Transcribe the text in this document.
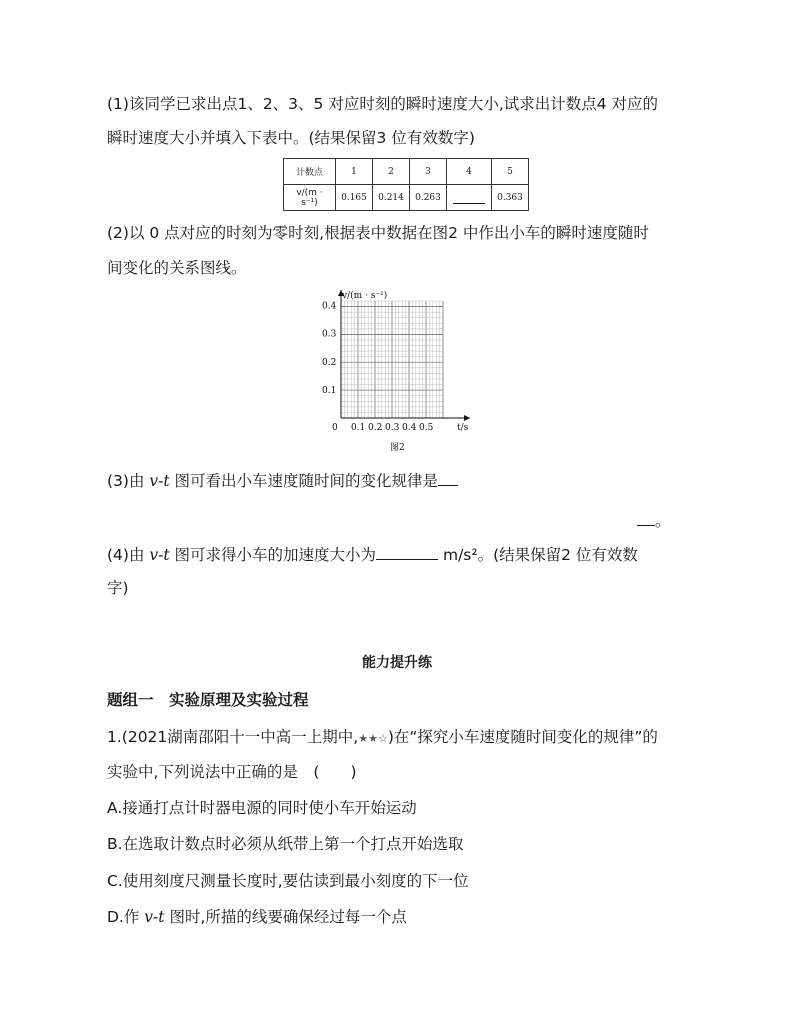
(1)该同学已求出点1、2、3、5 对应时刻的瞬时速度大小,试求出计数点4 对应的
瞬时速度大小并填入下表中。(结果保留3 位有效数字)
计数点	1	2	3	4	5
v/(m · s⁻¹)	0.165	0.214	0.263		0.363
(2)以 0 点对应的时刻为零时刻,根据表中数据在图2 中作出小车的瞬时速度随时
间变化的关系图线。
0.1 0.2 0.3 0.4 0.5
0.1
0.2
0.3
0.4
v/(m · s⁻¹)
t/s
0
图2
(3)由 v-t 图可看出小车速度随时间的变化规律是
。
(4)由 v-t 图可求得小车的加速度大小为	m/s²。(结果保留2 位有效数
字)
能力提升练
题组一　实验原理及实验过程
1.(2021湖南邵阳十一中高一上期中,★★☆)在“探究小车速度随时间变化的规律”的
实验中,下列说法中正确的是　(　　)
A.接通打点计时器电源的同时使小车开始运动
B.在选取计数点时必须从纸带上第一个打点开始选取
C.使用刻度尺测量长度时,要估读到最小刻度的下一位
D.作 v-t 图时,所描的线要确保经过每一个点
